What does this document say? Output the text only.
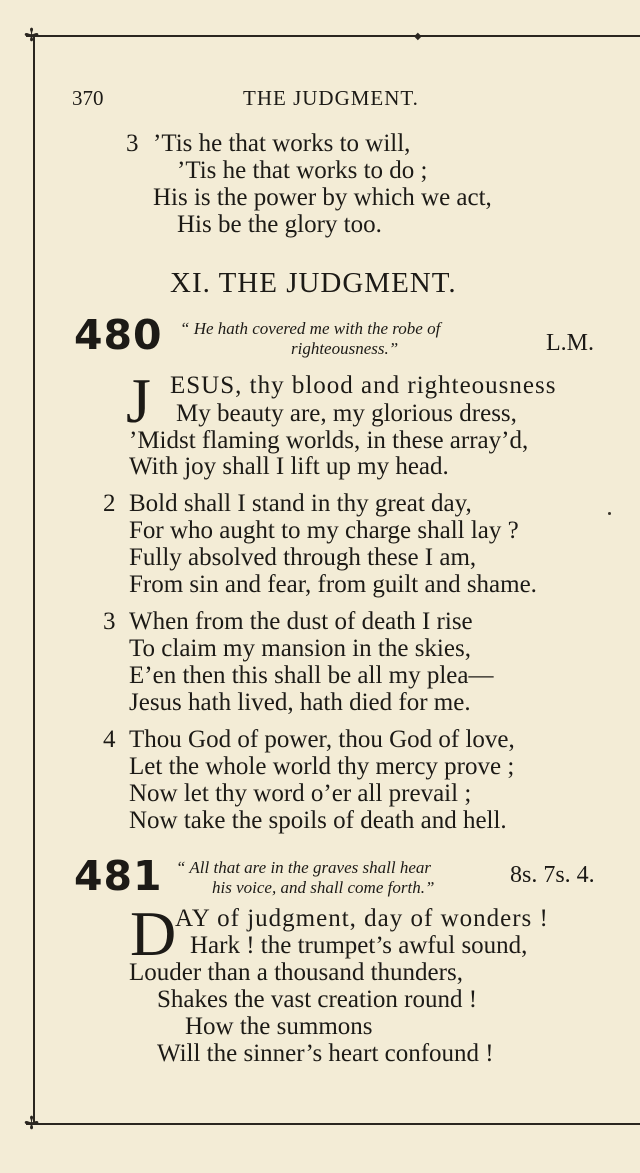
✢	◆
✢
370	THE JUDGMENT.
3 ’Tis he that works to will,
’Tis he that works to do ;
His is the power by which we act,
His be the glory too.
XI. THE JUDGMENT.
480 “ He hath covered me with the robe of
righteousness.”	L.M.
J ESUS, thy blood and righteousness
My beauty are, my glorious dress,
’Midst flaming worlds, in these array’d,
With joy shall I lift up my head.
2 Bold shall I stand in thy great day,
For who aught to my charge shall lay ?
Fully absolved through these I am,
From sin and fear, from guilt and shame.
3 When from the dust of death I rise
To claim my mansion in the skies,
E’en then this shall be all my plea—
Jesus hath lived, hath died for me.
4 Thou God of power, thou God of love,
Let the whole world thy mercy prove ;
Now let thy word o’er all prevail ;
Now take the spoils of death and hell.
481 “ All that are in the graves shall hear
his voice, and shall come forth.”	8s. 7s. 4.
D
AY of judgment, day of wonders !
Hark ! the trumpet’s awful sound,
Louder than a thousand thunders,
Shakes the vast creation round !
How the summons
Will the sinner’s heart confound !
